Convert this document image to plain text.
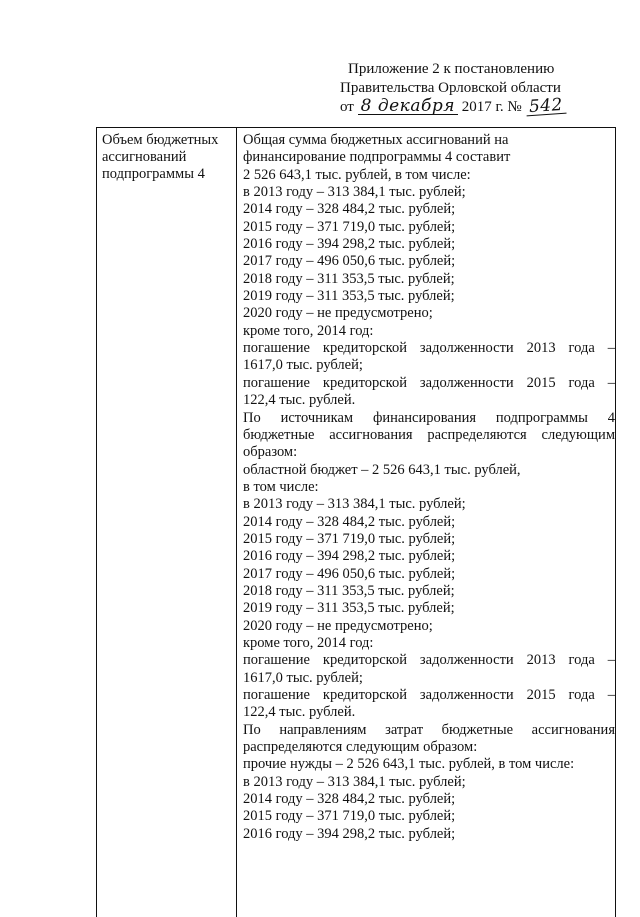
Приложение 2 к постановлению
Правительства Орловской области
от 8 декабря 2017 г. № 542
Объем бюджетных
ассигнований
подпрограммы 4
Общая сумма бюджетных ассигнований на
финансирование подпрограммы 4 составит
2 526 643,1 тыс. рублей, в том числе:
в 2013 году – 313 384,1 тыс. рублей;
2014 году – 328 484,2 тыс. рублей;
2015 году – 371 719,0 тыс. рублей;
2016 году – 394 298,2 тыс. рублей;
2017 году – 496 050,6 тыс. рублей;
2018 году – 311 353,5 тыс. рублей;
2019 году – 311 353,5 тыс. рублей;
2020 году – не предусмотрено;
кроме того, 2014 год:
погашение кредиторской задолженности 2013 года –
1617,0 тыс. рублей;
погашение кредиторской задолженности 2015 года –
122,4 тыс. рублей.
По источникам финансирования подпрограммы 4
бюджетные ассигнования распределяются следующим
образом:
областной бюджет – 2 526 643,1 тыс. рублей,
в том числе:
в 2013 году – 313 384,1 тыс. рублей;
2014 году – 328 484,2 тыс. рублей;
2015 году – 371 719,0 тыс. рублей;
2016 году – 394 298,2 тыс. рублей;
2017 году – 496 050,6 тыс. рублей;
2018 году – 311 353,5 тыс. рублей;
2019 году – 311 353,5 тыс. рублей;
2020 году – не предусмотрено;
кроме того, 2014 год:
погашение кредиторской задолженности 2013 года –
1617,0 тыс. рублей;
погашение кредиторской задолженности 2015 года –
122,4 тыс. рублей.
По направлениям затрат бюджетные ассигнования
распределяются следующим образом:
прочие нужды – 2 526 643,1 тыс. рублей, в том числе:
в 2013 году – 313 384,1 тыс. рублей;
2014 году – 328 484,2 тыс. рублей;
2015 году – 371 719,0 тыс. рублей;
2016 году – 394 298,2 тыс. рублей;
